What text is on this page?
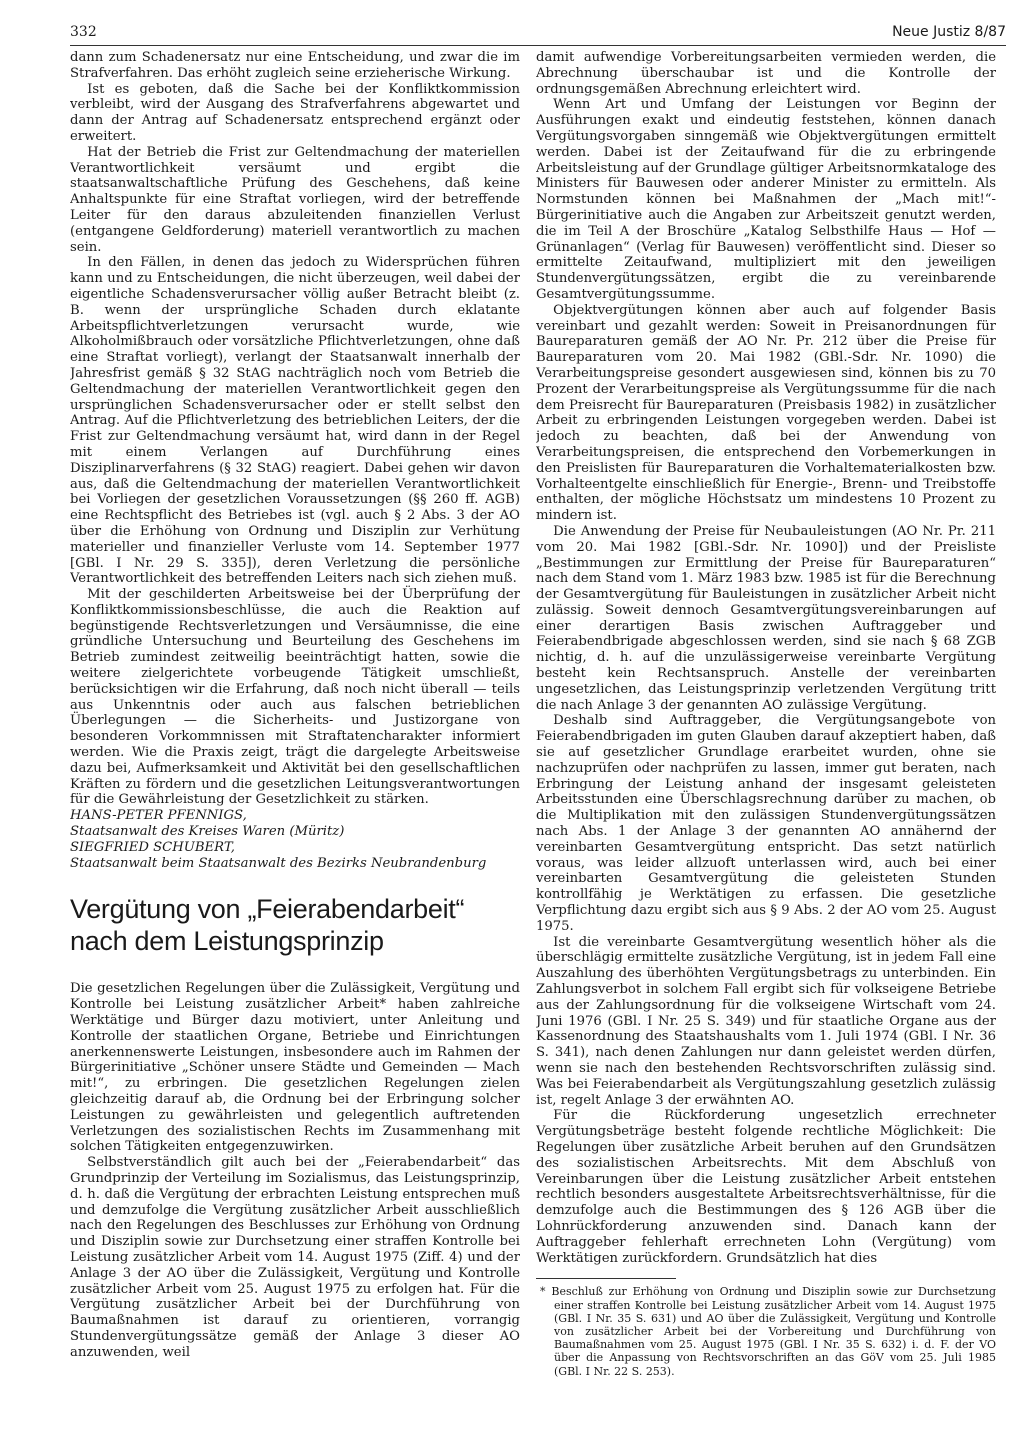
332	Neue Justiz 8/87

dann zum Schadenersatz nur eine Entscheidung, und zwar die im Strafverfahren. Das erhöht zugleich seine erzieherische Wirkung.

Ist es geboten, daß die Sache bei der Konfliktkommission verbleibt, wird der Ausgang des Strafverfahrens abgewartet und dann der Antrag auf Schadenersatz entsprechend ergänzt oder erweitert.

Hat der Betrieb die Frist zur Geltendmachung der materiellen Verantwortlichkeit versäumt und ergibt die staatsanwaltschaftliche Prüfung des Geschehens, daß keine Anhaltspunkte für eine Straftat vorliegen, wird der betreffende Leiter für den daraus abzuleitenden finanziellen Verlust (entgangene Geldforderung) materiell verantwortlich zu machen sein.

In den Fällen, in denen das jedoch zu Widersprüchen führen kann und zu Entscheidungen, die nicht überzeugen, weil dabei der eigentliche Schadensverursacher völlig außer Betracht bleibt (z. B. wenn der ursprüngliche Schaden durch eklatante Arbeitspflichtverletzungen verursacht wurde, wie Alkoholmißbrauch oder vorsätzliche Pflichtverletzungen, ohne daß eine Straftat vorliegt), verlangt der Staatsanwalt innerhalb der Jahresfrist gemäß § 32 StAG nachträglich noch vom Betrieb die Geltendmachung der materiellen Verantwortlichkeit gegen den ursprünglichen Schadensverursacher oder er stellt selbst den Antrag. Auf die Pflichtverletzung des betrieblichen Leiters, der die Frist zur Geltendmachung versäumt hat, wird dann in der Regel mit einem Verlangen auf Durchführung eines Disziplinarverfahrens (§ 32 StAG) reagiert. Dabei gehen wir davon aus, daß die Geltendmachung der materiellen Verantwortlichkeit bei Vorliegen der gesetzlichen Voraussetzungen (§§ 260 ff. AGB) eine Rechtspflicht des Betriebes ist (vgl. auch § 2 Abs. 3 der AO über die Erhöhung von Ordnung und Disziplin zur Verhütung materieller und finanzieller Verluste vom 14. September 1977 [GBl. I Nr. 29 S. 335]), deren Verletzung die persönliche Verantwortlichkeit des betreffenden Leiters nach sich ziehen muß.

Mit der geschilderten Arbeitsweise bei der Überprüfung der Konfliktkommissionsbeschlüsse, die auch die Reaktion auf begünstigende Rechtsverletzungen und Versäumnisse, die eine gründliche Untersuchung und Beurteilung des Geschehens im Betrieb zumindest zeitweilig beeinträchtigt hatten, sowie die weitere zielgerichtete vorbeugende Tätigkeit umschließt, berücksichtigen wir die Erfahrung, daß noch nicht überall — teils aus Unkenntnis oder auch aus falschen betrieblichen Überlegungen — die Sicherheits- und Justizorgane von besonderen Vorkommnissen mit Straftatencharakter informiert werden. Wie die Praxis zeigt, trägt die dargelegte Arbeitsweise dazu bei, Aufmerksamkeit und Aktivität bei den gesellschaftlichen Kräften zu fördern und die gesetzlichen Leitungsverantwortungen für die Gewährleistung der Gesetzlichkeit zu stärken.

HANS-PETER PFENNIGS,
Staatsanwalt des Kreises Waren (Müritz)
SIEGFRIED SCHUBERT,
Staatsanwalt beim Staatsanwalt des Bezirks Neubrandenburg
Vergütung von „Feierabendarbeit“
nach dem Leistungsprinzip

Die gesetzlichen Regelungen über die Zulässigkeit, Vergütung und Kontrolle bei Leistung zusätzlicher Arbeit* haben zahlreiche Werktätige und Bürger dazu motiviert, unter Anleitung und Kontrolle der staatlichen Organe, Betriebe und Einrichtungen anerkennenswerte Leistungen, insbesondere auch im Rahmen der Bürgerinitiative „Schöner unsere Städte und Gemeinden — Mach mit!“, zu erbringen. Die gesetzlichen Regelungen zielen gleichzeitig darauf ab, die Ordnung bei der Erbringung solcher Leistungen zu gewährleisten und gelegentlich auftretenden Verletzungen des sozialistischen Rechts im Zusammenhang mit solchen Tätigkeiten entgegenzuwirken.

Selbstverständlich gilt auch bei der „Feierabendarbeit“ das Grundprinzip der Verteilung im Sozialismus, das Leistungsprinzip, d. h. daß die Vergütung der erbrachten Leistung entsprechen muß und demzufolge die Vergütung zusätzlicher Arbeit ausschließlich nach den Regelungen des Beschlusses zur Erhöhung von Ordnung und Disziplin sowie zur Durchsetzung einer straffen Kontrolle bei Leistung zusätzlicher Arbeit vom 14. August 1975 (Ziff. 4) und der Anlage 3 der AO über die Zulässigkeit, Vergütung und Kontrolle zusätzlicher Arbeit vom 25. August 1975 zu erfolgen hat. Für die Vergütung zusätzlicher Arbeit bei der Durchführung von Baumaßnahmen ist darauf zu orientieren, vorrangig Stundenvergütungssätze gemäß der Anlage 3 dieser AO anzuwenden, weil

damit aufwendige Vorbereitungsarbeiten vermieden werden, die Abrechnung überschaubar ist und die Kontrolle der ordnungsgemäßen Abrechnung erleichtert wird.

Wenn Art und Umfang der Leistungen vor Beginn der Ausführungen exakt und eindeutig feststehen, können danach Vergütungsvorgaben sinngemäß wie Objektvergütungen ermittelt werden. Dabei ist der Zeitaufwand für die zu erbringende Arbeitsleistung auf der Grundlage gültiger Arbeitsnormkataloge des Ministers für Bauwesen oder anderer Minister zu ermitteln. Als Normstunden können bei Maßnahmen der „Mach mit!“-Bürgerinitiative auch die Angaben zur Arbeitszeit genutzt werden, die im Teil A der Broschüre „Katalog Selbsthilfe Haus — Hof — Grünanlagen“ (Verlag für Bauwesen) veröffentlicht sind. Dieser so ermittelte Zeitaufwand, multipliziert mit den jeweiligen Stundenvergütungssätzen, ergibt die zu vereinbarende Gesamtvergütungssumme.

Objektvergütungen können aber auch auf folgender Basis vereinbart und gezahlt werden: Soweit in Preisanordnungen für Baureparaturen gemäß der AO Nr. Pr. 212 über die Preise für Baureparaturen vom 20. Mai 1982 (GBl.-Sdr. Nr. 1090) die Verarbeitungspreise gesondert ausgewiesen sind, können bis zu 70 Prozent der Verarbeitungspreise als Vergütungssumme für die nach dem Preisrecht für Baureparaturen (Preisbasis 1982) in zusätzlicher Arbeit zu erbringenden Leistungen vorgegeben werden. Dabei ist jedoch zu beachten, daß bei der Anwendung von Verarbeitungspreisen, die entsprechend den Vorbemerkungen in den Preislisten für Baureparaturen die Vorhaltematerialkosten bzw. Vorhalteentgelte einschließlich für Energie-, Brenn- und Treibstoffe enthalten, der mögliche Höchstsatz um mindestens 10 Prozent zu mindern ist.

Die Anwendung der Preise für Neubauleistungen (AO Nr. Pr. 211 vom 20. Mai 1982 [GBl.-Sdr. Nr. 1090]) und der Preisliste „Bestimmungen zur Ermittlung der Preise für Baureparaturen“ nach dem Stand vom 1. März 1983 bzw. 1985 ist für die Berechnung der Gesamtvergütung für Bauleistungen in zusätzlicher Arbeit nicht zulässig. Soweit dennoch Gesamtvergütungsvereinbarungen auf einer derartigen Basis zwischen Auftraggeber und Feierabendbrigade abgeschlossen werden, sind sie nach § 68 ZGB nichtig, d. h. auf die unzulässigerweise vereinbarte Vergütung besteht kein Rechtsanspruch. Anstelle der vereinbarten ungesetzlichen, das Leistungsprinzip verletzenden Vergütung tritt die nach Anlage 3 der genannten AO zulässige Vergütung.

Deshalb sind Auftraggeber, die Vergütungsangebote von Feierabendbrigaden im guten Glauben darauf akzeptiert haben, daß sie auf gesetzlicher Grundlage erarbeitet wurden, ohne sie nachzuprüfen oder nachprüfen zu lassen, immer gut beraten, nach Erbringung der Leistung anhand der insgesamt geleisteten Arbeitsstunden eine Überschlagsrechnung darüber zu machen, ob die Multiplikation mit den zulässigen Stundenvergütungssätzen nach Abs. 1 der Anlage 3 der genannten AO annähernd der vereinbarten Gesamtvergütung entspricht. Das setzt natürlich voraus, was leider allzuoft unterlassen wird, auch bei einer vereinbarten Gesamtvergütung die geleisteten Stunden kontrollfähig je Werktätigen zu erfassen. Die gesetzliche Verpflichtung dazu ergibt sich aus § 9 Abs. 2 der AO vom 25. August 1975.

Ist die vereinbarte Gesamtvergütung wesentlich höher als die überschlägig ermittelte zusätzliche Vergütung, ist in jedem Fall eine Auszahlung des überhöhten Vergütungsbetrags zu unterbinden. Ein Zahlungsverbot in solchem Fall ergibt sich für volkseigene Betriebe aus der Zahlungsordnung für die volkseigene Wirtschaft vom 24. Juni 1976 (GBl. I Nr. 25 S. 349) und für staatliche Organe aus der Kassenordnung des Staatshaushalts vom 1. Juli 1974 (GBl. I Nr. 36 S. 341), nach denen Zahlungen nur dann geleistet werden dürfen, wenn sie nach den bestehenden Rechtsvorschriften zulässig sind. Was bei Feierabendarbeit als Vergütungszahlung gesetzlich zulässig ist, regelt Anlage 3 der erwähnten AO.

Für die Rückforderung ungesetzlich errechneter Vergütungsbeträge besteht folgende rechtliche Möglichkeit: Die Regelungen über zusätzliche Arbeit beruhen auf den Grundsätzen des sozialistischen Arbeitsrechts. Mit dem Abschluß von Vereinbarungen über die Leistung zusätzlicher Arbeit entstehen rechtlich besonders ausgestaltete Arbeitsrechtsverhältnisse, für die demzufolge auch die Bestimmungen des § 126 AGB über die Lohnrückforderung anzuwenden sind. Danach kann der Auftraggeber fehlerhaft errechneten Lohn (Vergütung) vom Werktätigen zurückfordern. Grundsätzlich hat dies

* Beschluß zur Erhöhung von Ordnung und Disziplin sowie zur Durchsetzung einer straffen Kontrolle bei Leistung zusätzlicher Arbeit vom 14. August 1975 (GBl. I Nr. 35 S. 631) und AO über die Zulässigkeit, Vergütung und Kontrolle von zusätzlicher Arbeit bei der Vorbereitung und Durchführung von Baumaßnahmen vom 25. August 1975 (GBl. I Nr. 35 S. 632) i. d. F. der VO über die Anpassung von Rechtsvorschriften an das GöV vom 25. Juli 1985 (GBl. I Nr. 22 S. 253).
